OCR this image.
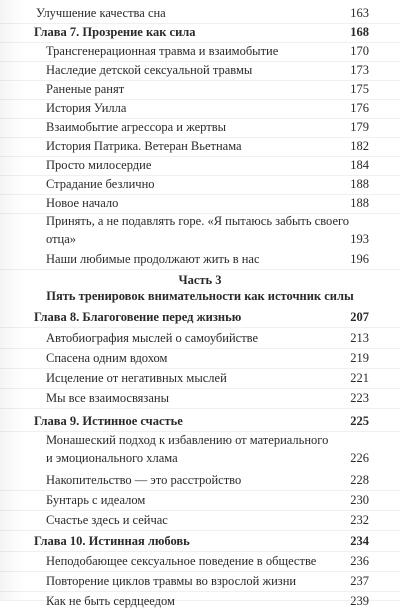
Улучшение качества сна	163
Глава 7. Прозрение как сила	168
Трансгенерационная травма и взаимобытие	170
Наследие детской сексуальной травмы	173
Раненые ранят	175
История Уилла	176
Взаимобытие агрессора и жертвы	179
История Патрика. Ветеран Вьетнама	182
Просто милосердие	184
Страдание безлично	188
Новое начало	188
Принять, а не подавлять горе. «Я пытаюсь забыть своего
отца»	193
Наши любимые продолжают жить в нас	196
Часть 3
Пять тренировок внимательности как источник силы
Глава 8. Благоговение перед жизнью	207
Автобиография мыслей о самоубийстве	213
Спасена одним вдохом	219
Исцеление от негативных мыслей	221
Мы все взаимосвязаны	223
Глава 9. Истинное счастье	225
Монашеский подход к избавлению от материального
и эмоционального хлама	226
Накопительство — это расстройство	228
Бунтарь с идеалом	230
Счастье здесь и сейчас	232
Глава 10. Истинная любовь	234
Неподобающее сексуальное поведение в обществе	236
Повторение циклов травмы во взрослой жизни	237
Как не быть сердцеедом	239
